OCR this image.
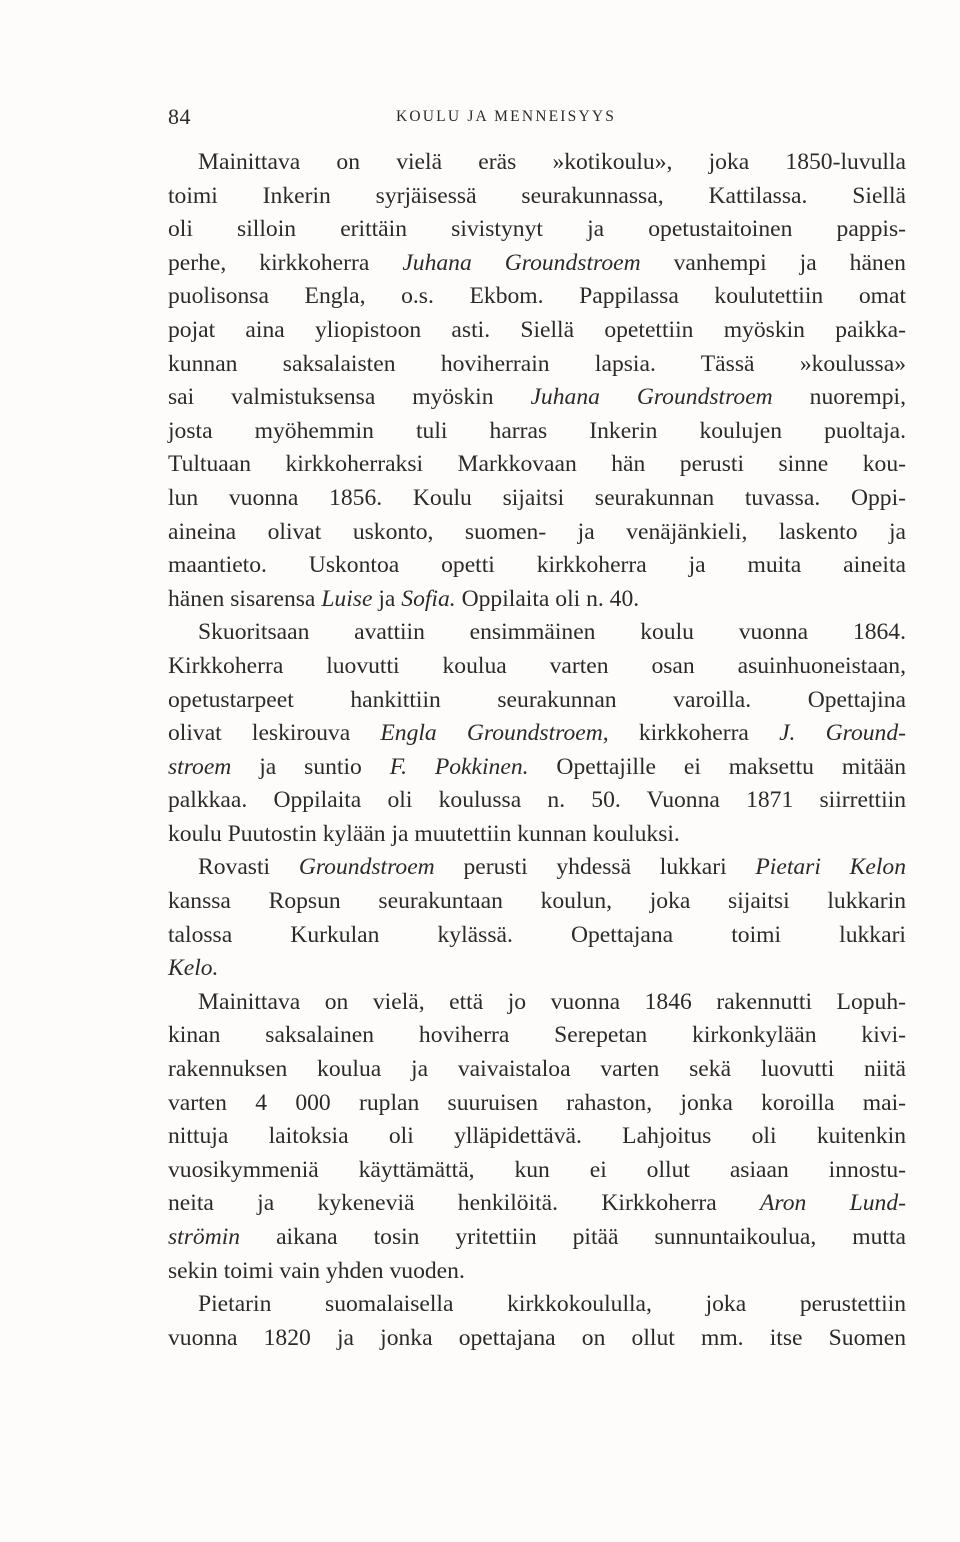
84	KOULU JA MENNEISYYS
Mainittava on vielä eräs »kotikoulu», joka 1850-luvulla
toimi Inkerin syrjäisessä seurakunnassa, Kattilassa. Siellä
oli silloin erittäin sivistynyt ja opetustaitoinen pappis-
perhe, kirkkoherra Juhana Groundstroem vanhempi ja hänen
puolisonsa Engla, o.s. Ekbom. Pappilassa koulutettiin omat
pojat aina yliopistoon asti. Siellä opetettiin myöskin paikka-
kunnan saksalaisten hoviherrain lapsia. Tässä »koulussa»
sai valmistuksensa myöskin Juhana Groundstroem nuorempi,
josta myöhemmin tuli harras Inkerin koulujen puoltaja.
Tultuaan kirkkoherraksi Markkovaan hän perusti sinne kou-
lun vuonna 1856. Koulu sijaitsi seurakunnan tuvassa. Oppi-
aineina olivat uskonto, suomen- ja venäjänkieli, laskento ja
maantieto. Uskontoa opetti kirkkoherra ja muita aineita
hänen sisarensa Luise ja Sofia. Oppilaita oli n. 40.
Skuoritsaan avattiin ensimmäinen koulu vuonna 1864.
Kirkkoherra luovutti koulua varten osan asuinhuoneistaan,
opetustarpeet hankittiin seurakunnan varoilla. Opettajina
olivat leskirouva Engla Groundstroem, kirkkoherra J. Ground-
stroem ja suntio F. Pokkinen. Opettajille ei maksettu mitään
palkkaa. Oppilaita oli koulussa n. 50. Vuonna 1871 siirrettiin
koulu Puutostin kylään ja muutettiin kunnan kouluksi.
Rovasti Groundstroem perusti yhdessä lukkari Pietari Kelon
kanssa Ropsun seurakuntaan koulun, joka sijaitsi lukkarin
talossa Kurkulan kylässä. Opettajana toimi lukkari
Kelo.
Mainittava on vielä, että jo vuonna 1846 rakennutti Lopuh-
kinan saksalainen hoviherra Serepetan kirkonkylään kivi-
rakennuksen koulua ja vaivaistaloa varten sekä luovutti niitä
varten 4 000 ruplan suuruisen rahaston, jonka koroilla mai-
nittuja laitoksia oli ylläpidettävä. Lahjoitus oli kuitenkin
vuosikymmeniä käyttämättä, kun ei ollut asiaan innostu-
neita ja kykeneviä henkilöitä. Kirkkoherra Aron Lund-
strömin aikana tosin yritettiin pitää sunnuntaikoulua, mutta
sekin toimi vain yhden vuoden.
Pietarin suomalaisella kirkkokoululla, joka perustettiin
vuonna 1820 ja jonka opettajana on ollut mm. itse Suomen
